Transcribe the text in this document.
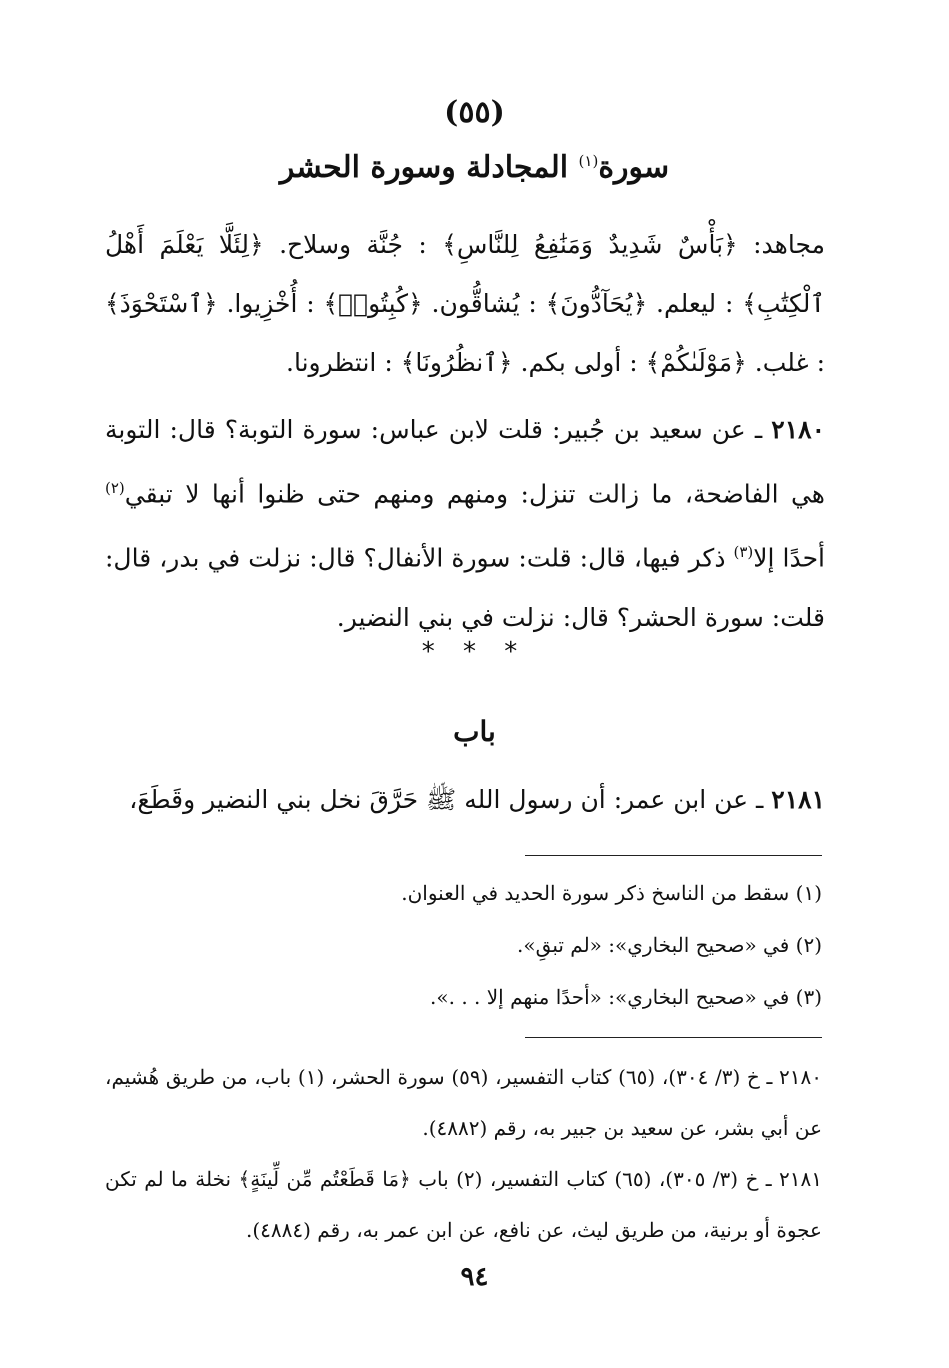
(٥٥)
سورة$^{(١)}$ المجادلة وسورة الحشر
مجاهد: ﴿بَأْسٌ شَدِيدٌ وَمَنَٰفِعُ لِلنَّاسِ﴾ : جُنَّة وسلاح. ﴿لِئَلَّا يَعْلَمَ أَهْلُ ٱلْكِتَٰبِ﴾ : ليعلم. ﴿يُحَآدُّونَ﴾ : يُشاقُّون. ﴿كُبِتُوا۟﴾ : أُخْزِيوا. ﴿ٱسْتَحْوَذَ﴾ : غلب. ﴿مَوْلَىٰكُمْ﴾ : أولى بكم. ﴿ٱنظُرُونَا﴾ : انتظرونا.
٢١٨٠ ـ عن سعيد بن جُبير: قلت لابن عباس: سورة التوبة؟ قال: التوبة هي الفاضحة، ما زالت تنزل: ومنهم ومنهم حتى ظنوا أنها لا تبقي$^{(٢)}$ أحدًا إلا$^{(٣)}$ ذكر فيها، قال: قلت: سورة الأنفال؟ قال: نزلت في بدر، قال: قلت: سورة الحشر؟ قال: نزلت في بني النضير.
* * *
باب
٢١٨١ ـ عن ابن عمر: أن رسول الله ﷺ حَرَّقَ نخل بني النضير وقَطَعَ،
(١) سقط من الناسخ ذكر سورة الحديد في العنوان.
(٢) في «صحيح البخاري»: «لم تبقِ».
(٣) في «صحيح البخاري»: «أحدًا منهم إلا . . .».
٢١٨٠ ـ خ (٣/ ٣٠٤)، (٦٥) كتاب التفسير، (٥٩) سورة الحشر، (١) باب، من طريق هُشيم، عن أبي بشر، عن سعيد بن جبير به، رقم (٤٨٨٢).
٢١٨١ ـ خ (٣/ ٣٠٥)، (٦٥) كتاب التفسير، (٢) باب ﴿مَا قَطَعْتُم مِّن لِّينَةٍ﴾ نخلة ما لم تكن عجوة أو برنية، من طريق ليث، عن نافع، عن ابن عمر به، رقم (٤٨٨٤).
٩٤
